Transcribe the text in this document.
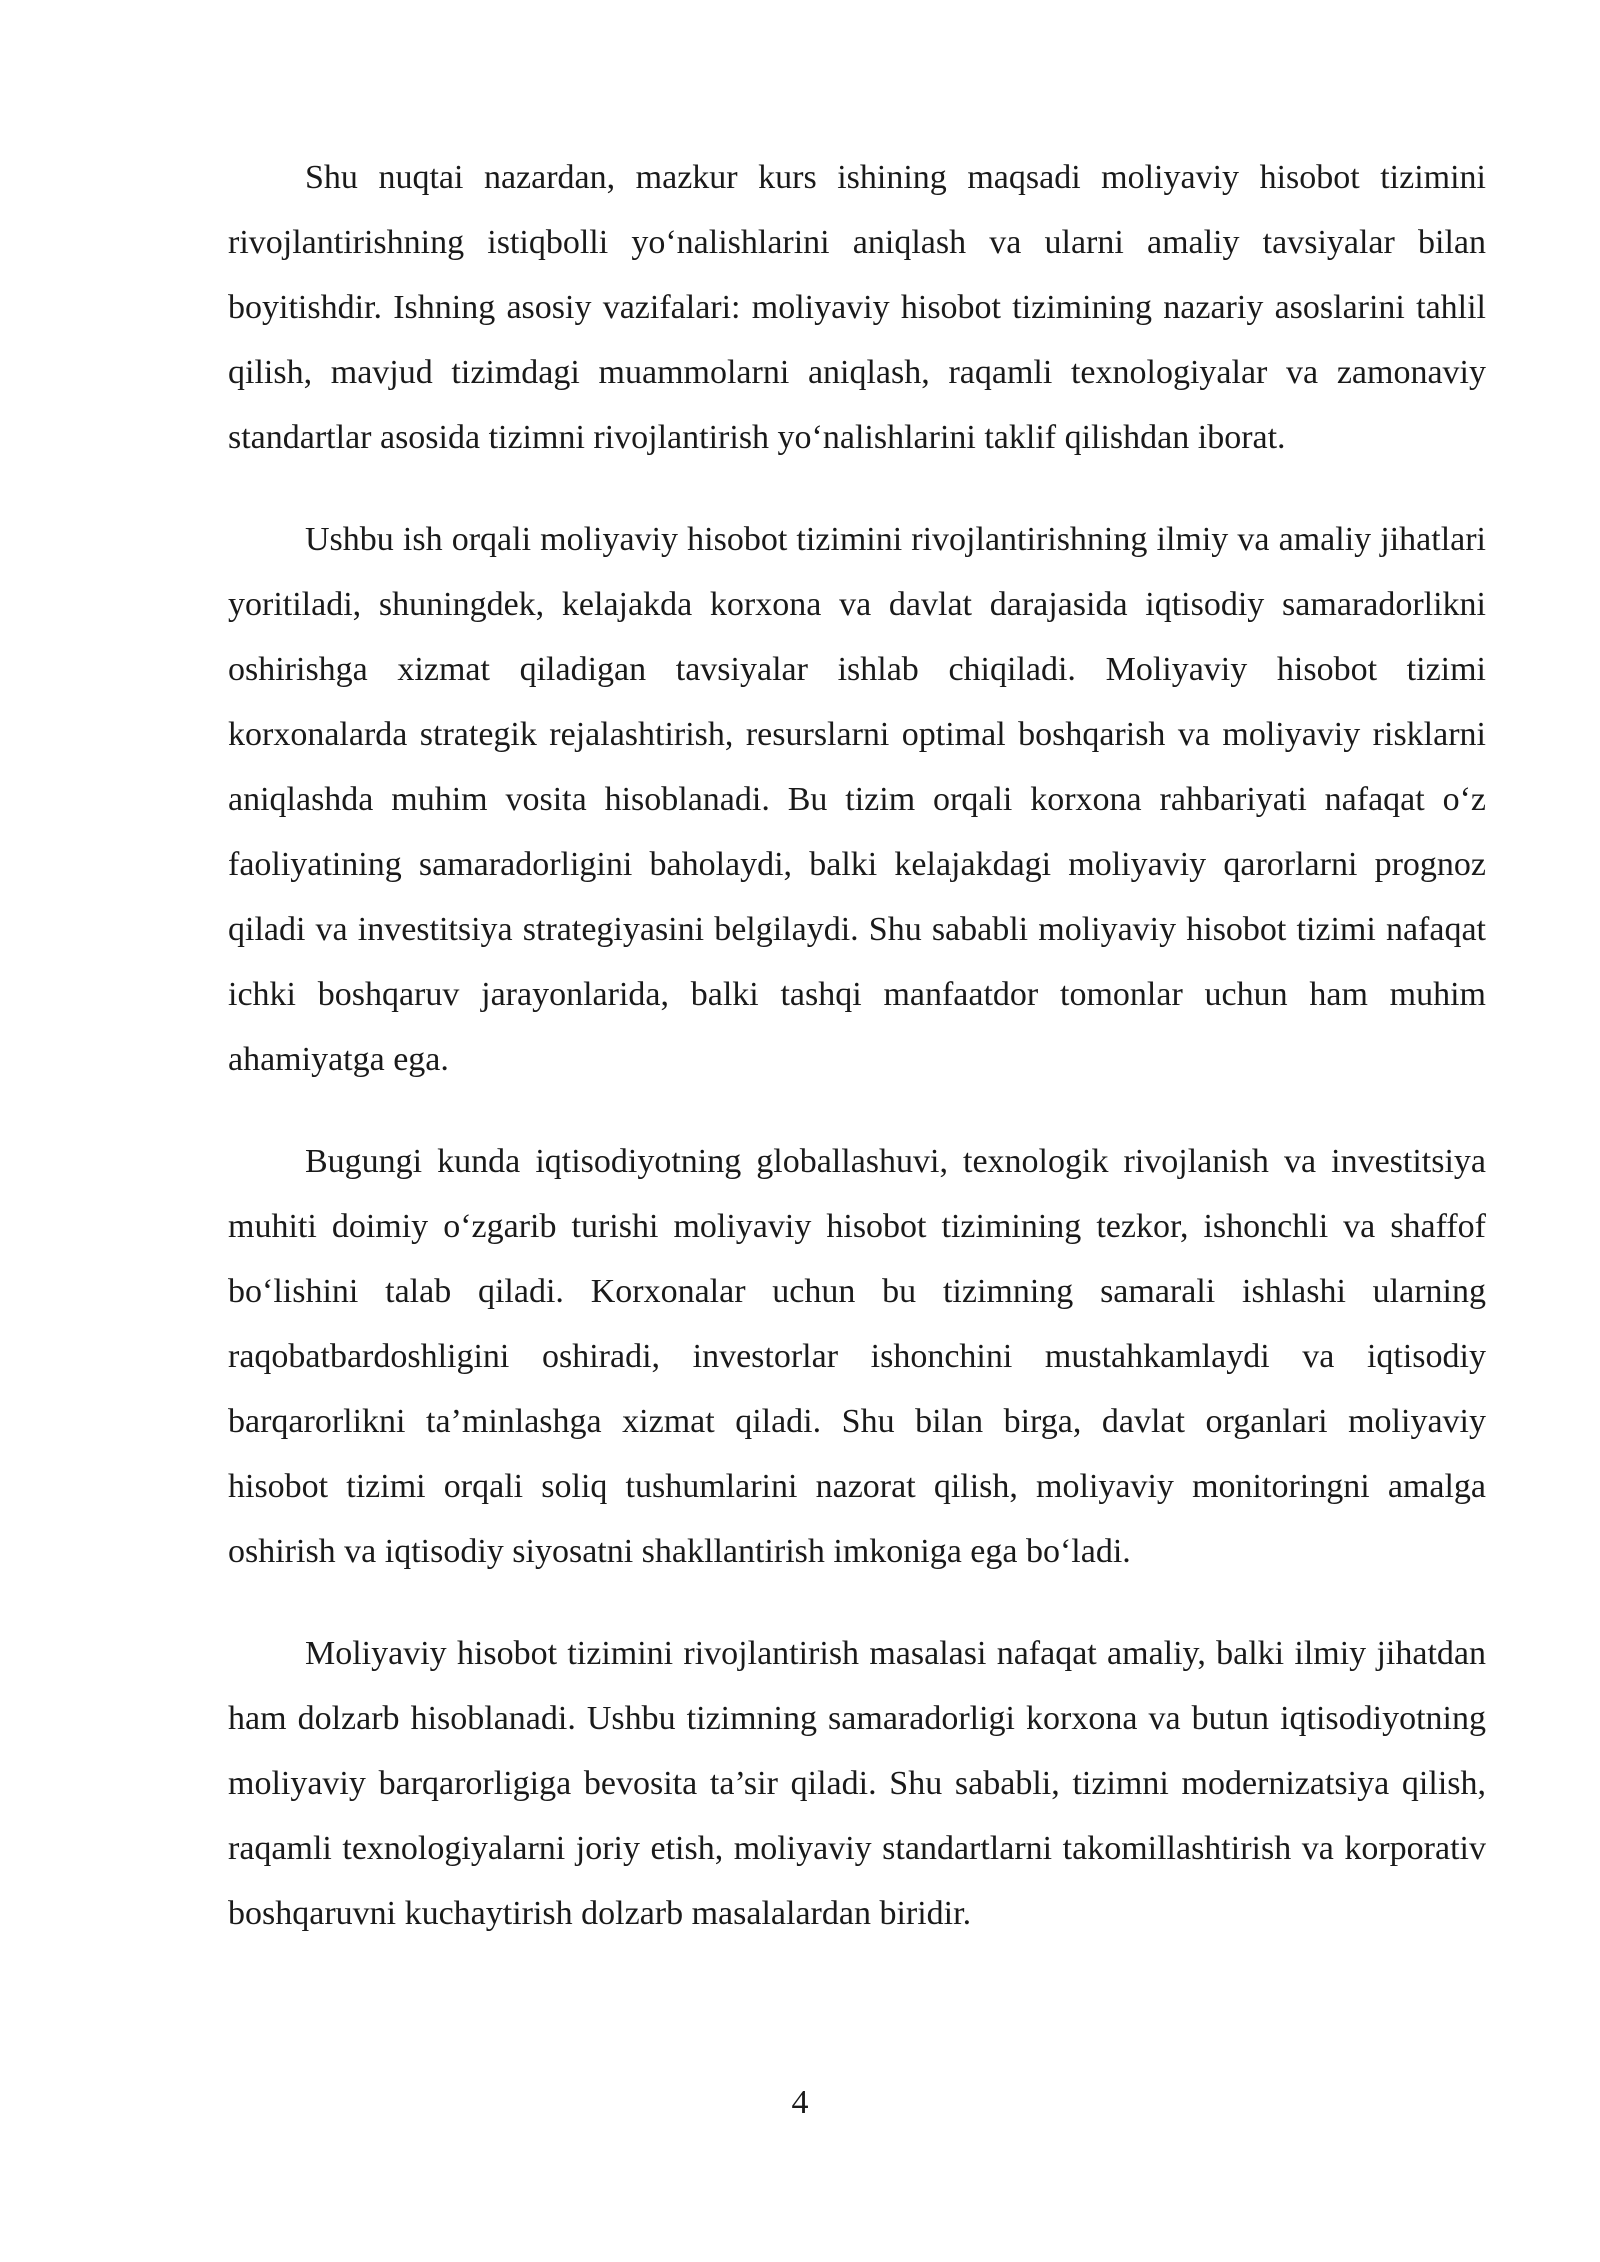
Shu nuqtai nazardan, mazkur kurs ishining maqsadi moliyaviy hisobot tizimini rivojlantirishning istiqbolli yo‘nalishlarini aniqlash va ularni amaliy tavsiyalar bilan boyitishdir. Ishning asosiy vazifalari: moliyaviy hisobot tizimining nazariy asoslarini tahlil qilish, mavjud tizimdagi muammolarni aniqlash, raqamli texnologiyalar va zamonaviy standartlar asosida tizimni rivojlantirish yo‘nalishlarini taklif qilishdan iborat.

Ushbu ish orqali moliyaviy hisobot tizimini rivojlantirishning ilmiy va amaliy jihatlari yoritiladi, shuningdek, kelajakda korxona va davlat darajasida iqtisodiy samaradorlikni oshirishga xizmat qiladigan tavsiyalar ishlab chiqiladi. Moliyaviy hisobot tizimi korxonalarda strategik rejalashtirish, resurslarni optimal boshqarish va moliyaviy risklarni aniqlashda muhim vosita hisoblanadi. Bu tizim orqali korxona rahbariyati nafaqat o‘z faoliyatining samaradorligini baholaydi, balki kelajakdagi moliyaviy qarorlarni prognoz qiladi va investitsiya strategiyasini belgilaydi. Shu sababli moliyaviy hisobot tizimi nafaqat ichki boshqaruv jarayonlarida, balki tashqi manfaatdor tomonlar uchun ham muhim ahamiyatga ega.

Bugungi kunda iqtisodiyotning globallashuvi, texnologik rivojlanish va investitsiya muhiti doimiy o‘zgarib turishi moliyaviy hisobot tizimining tezkor, ishonchli va shaffof bo‘lishini talab qiladi. Korxonalar uchun bu tizimning samarali ishlashi ularning raqobatbardoshligini oshiradi, investorlar ishonchini mustahkamlaydi va iqtisodiy barqarorlikni ta’minlashga xizmat qiladi. Shu bilan birga, davlat organlari moliyaviy hisobot tizimi orqali soliq tushumlarini nazorat qilish, moliyaviy monitoringni amalga oshirish va iqtisodiy siyosatni shakllantirish imkoniga ega bo‘ladi.

Moliyaviy hisobot tizimini rivojlantirish masalasi nafaqat amaliy, balki ilmiy jihatdan ham dolzarb hisoblanadi. Ushbu tizimning samaradorligi korxona va butun iqtisodiyotning moliyaviy barqarorligiga bevosita ta’sir qiladi. Shu sababli, tizimni modernizatsiya qilish, raqamli texnologiyalarni joriy etish, moliyaviy standartlarni takomillashtirish va korporativ boshqaruvni kuchaytirish dolzarb masalalardan biridir.

4
